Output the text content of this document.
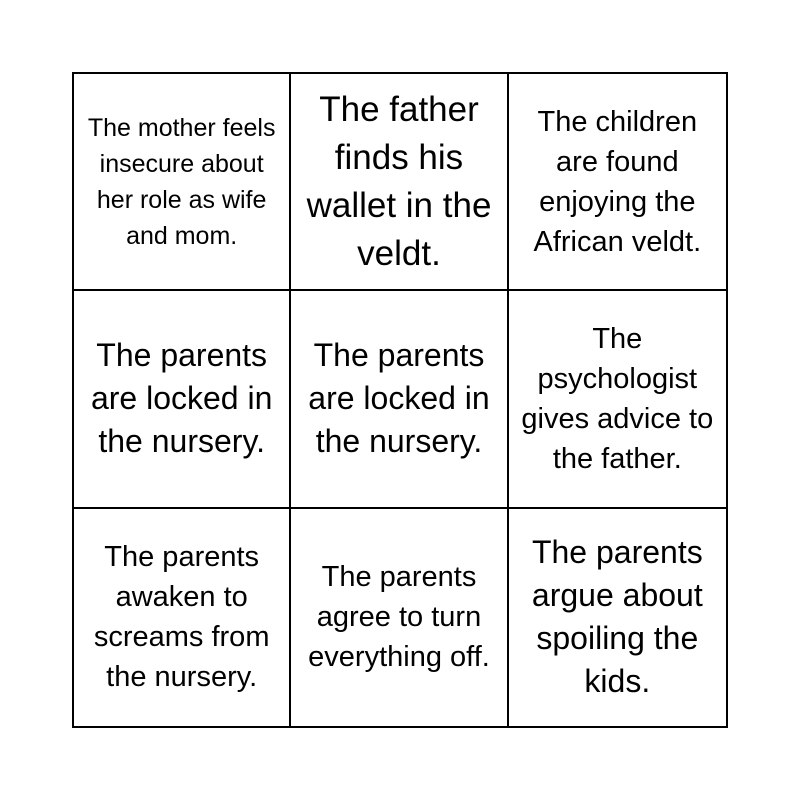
The mother feels insecure about her role as wife and mom.
The father finds his wallet in the veldt.
The children are found enjoying the African veldt.
The parents are locked in the nursery.
The parents are locked in the nursery.
The psychologist gives advice to the father.
The parents awaken to screams from the nursery.
The parents agree to turn everything off.
The parents argue about spoiling the kids.
